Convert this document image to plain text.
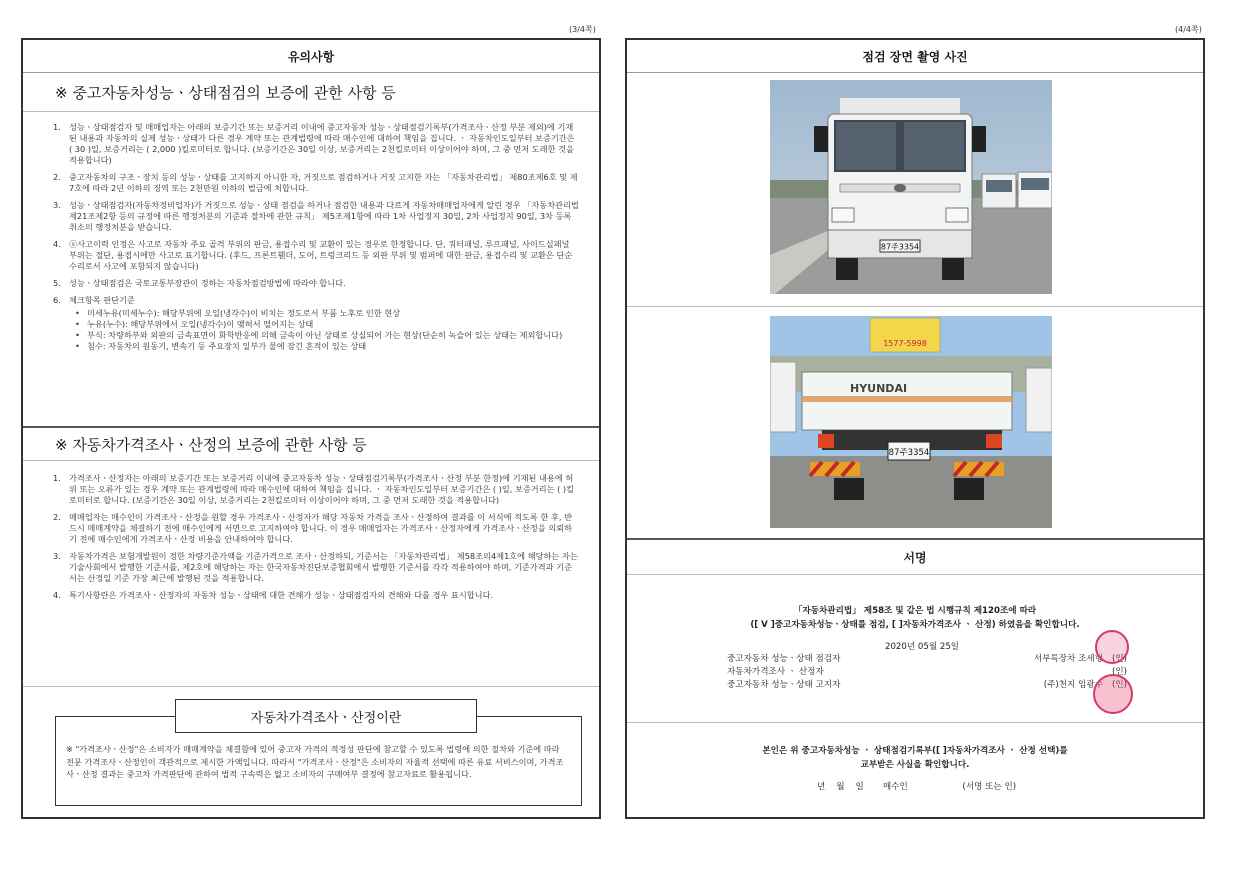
(3/4쪽)	(4/4쪽)
유의사항
※ 중고자동차성능ㆍ상태점검의 보증에 관한 사항 등
1. 성능ㆍ상태점검자 및 매매업자는 아래의 보증기간 또는 보증거리 이내에 중고자동차 성능ㆍ상태점검기록부(가격조사ㆍ산정 부분 제외)에 기재된 내용과 자동차의 실제 성능ㆍ상태가 다른 경우 계약 또는 관계법령에 따라 매수인에 대하여 책임을 집니다. ㆍ 자동차인도일부터 보증기간은 ( 30 )일, 보증거리는 ( 2,000 )킬로미터로 합니다. (보증기간은 30일 이상, 보증거리는 2천킬로미터 이상이어야 하며, 그 중 먼저 도래한 것을 적용합니다)
2. 중고자동차의 구조ㆍ장치 등의 성능ㆍ상태를 고지하지 아니한 자, 거짓으로 점검하거나 거짓 고지한 자는 「자동차관리법」 제80조제6호 및 제7호에 따라 2년 이하의 징역 또는 2천만원 이하의 벌금에 처합니다.
3. 성능ㆍ상태점검자(자동차정비업자)가 거짓으로 성능ㆍ상태 점검을 하거나 점검한 내용과 다르게 자동차매매업자에게 알린 경우 「자동차관리법 제21조제2항 등의 규정에 따른 행정처분의 기준과 절차에 관한 규칙」 제5조제1항에 따라 1차 사업정지 30일, 2차 사업정지 90일, 3차 등록취소의 행정처분을 받습니다.
4. ⓐ사고이력 인정은 사고로 자동차 주요 골격 부위의 판금, 용접수리 및 교환이 있는 경우로 한정합니다. 단, 쿼터패널, 루프패널, 사이드실패널 부위는 절단, 용접시에만 사고로 표기합니다. (후드, 프론트휀더, 도어, 트렁크리드 등 외판 부위 및 범퍼에 대한 판금, 용접수리 및 교환은 단순수리로서 사고에 포함되지 않습니다)
5. 성능ㆍ상태점검은 국토교통부장관이 정하는 자동차점검방법에 따라야 합니다.
6. 체크항목 판단기준
• 미세누유(미세누수): 해당부위에 오일(냉각수)이 비치는 정도로서 부품 노후로 인한 현상
• 누유(누수): 해당부위에서 오일(냉각수)이 맺혀서 떨어지는 상태
• 부식: 차량하부와 외판의 금속표면이 화학반응에 의해 금속이 아닌 상태로 상실되어 가는 현상(단순히 녹슬어 있는 상태는 제외합니다)
• 침수: 자동차의 원동기, 변속기 등 주요장치 일부가 물에 잠긴 흔적이 있는 상태
※ 자동차가격조사ㆍ산정의 보증에 관한 사항 등
1. 가격조사ㆍ산정자는 아래의 보증기간 또는 보증거리 이내에 중고자동차 성능ㆍ상태점검기록부(가격조사ㆍ산정 부분 한정)에 기재된 내용에 허위 또는 오류가 있는 경우 계약 또는 관계법령에 따라 매수인에 대하여 책임을 집니다. ㆍ 자동차인도일부터 보증기간은 ( )일, 보증거리는 ( )킬로미터로 합니다. (보증기간은 30일 이상, 보증거리는 2천킬로미터 이상이어야 하며, 그 중 먼저 도래한 것을 적용합니다)
2. 매매업자는 매수인이 가격조사ㆍ산정을 원할 경우 가격조사ㆍ산정자가 해당 자동차 가격을 조사ㆍ산정하여 결과를 이 서식에 적도록 한 후, 반드시 매매계약을 체결하기 전에 매수인에게 서면으로 고지하여야 합니다. 이 경우 매매업자는 가격조사ㆍ산정자에게 가격조사ㆍ산정을 의뢰하기 전에 매수인에게 가격조사ㆍ산정 비용을 안내하여야 합니다.
3. 자동차가격은 보험개발원이 정한 차량기준가액을 기준가격으로 조사ㆍ산정하되, 기준서는 「자동차관리법」 제58조의4제1호에 해당하는 자는 기술사회에서 발행한 기준서를, 제2호에 해당하는 자는 한국자동차진단보증협회에서 발행한 기준서를 각각 적용하여야 하며, 기준가격과 기준서는 산정일 기준 가장 최근에 발행된 것을 적용합니다.
4. 특기사항란은 가격조사ㆍ산정자의 자동차 성능ㆍ상태에 대한 견해가 성능ㆍ상태점검자의 견해와 다를 경우 표시합니다.
※ "가격조사ㆍ산정"은 소비자가 매매계약을 체결함에 있어 중고자 가격의 적정성 판단에 참고할 수 있도록 법령에 의한 절차와 기준에 따라 전문 가격조사ㆍ산정인이 객관적으로 제시한 가액입니다. 따라서 "가격조사ㆍ산정"은 소비자의 자율적 선택에 따른 유료 서비스이며, 가격조사ㆍ산정 결과는 중고차 가격판단에 관하여 법적 구속력은 없고 소비자의 구매여부 결정에 참고자료로 활용됩니다.
자동차가격조사ㆍ산정이란
점검 장면 촬영 사진
87주3354
1577-5998
HYUNDAI
87주3354
서명
「자동차관리법」 제58조 및 같은 법 시행규칙 제120조에 따라
([ V ]중고자동차성능ㆍ상태를 점검, [ ]자동차가격조사 ㆍ 산정) 하였음을 확인합니다.
2020년 05월 25일
중고자동차 성능ㆍ상태 점검자	서부특장차 조세형 (인)
자동차가격조사 ㆍ 산정자	(인)
중고자동차 성능ㆍ상태 고지자	(주)천지 임광수 (인)
본인은 위 중고자동차성능 ㆍ 상태점검기록부([ ]자동차가격조사 ㆍ 산정 선택)를
교부받은 사실을 확인합니다.
년    월    일       매수인                    (서명 또는 인)
